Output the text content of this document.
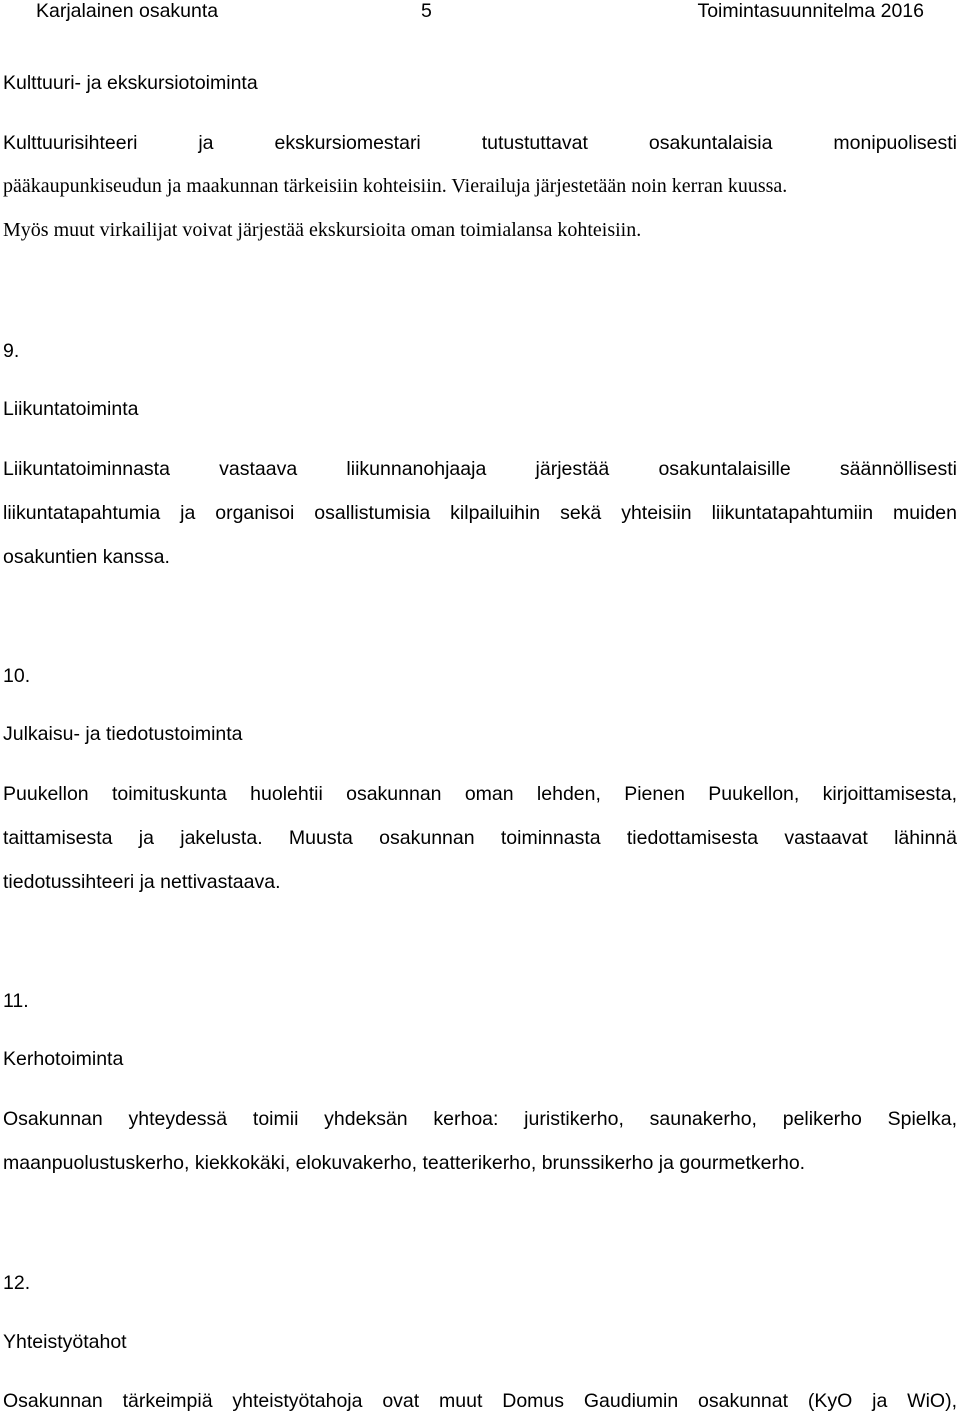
Karjalainen osakunta	5	Toimintasuunnitelma 2016
Kulttuuri- ja ekskursiotoiminta
Kulttuurisihteeri ja ekskursiomestari tutustuttavat osakuntalaisia monipuolisesti
pääkaupunkiseudun ja maakunnan tärkeisiin kohteisiin. Vierailuja järjestetään noin kerran kuussa.
Myös muut virkailijat voivat järjestää ekskursioita oman toimialansa kohteisiin.
9.
Liikuntatoiminta
Liikuntatoiminnasta vastaava liikunnanohjaaja järjestää osakuntalaisille säännöllisesti
liikuntatapahtumia ja organisoi osallistumisia kilpailuihin sekä yhteisiin liikuntatapahtumiin muiden
osakuntien kanssa.
10.
Julkaisu- ja tiedotustoiminta
Puukellon toimituskunta huolehtii osakunnan oman lehden, Pienen Puukellon, kirjoittamisesta,
taittamisesta ja jakelusta. Muusta osakunnan toiminnasta tiedottamisesta vastaavat lähinnä
tiedotussihteeri ja nettivastaava.
11.
Kerhotoiminta
Osakunnan yhteydessä toimii yhdeksän kerhoa: juristikerho, saunakerho, pelikerho Spielka,
maanpuolustuskerho, kiekkokäki, elokuvakerho, teatterikerho, brunssikerho ja gourmetkerho.
12.
Yhteistyötahot
Osakunnan tärkeimpiä yhteistyötahoja ovat muut Domus Gaudiumin osakunnat (KyO ja WiO),
